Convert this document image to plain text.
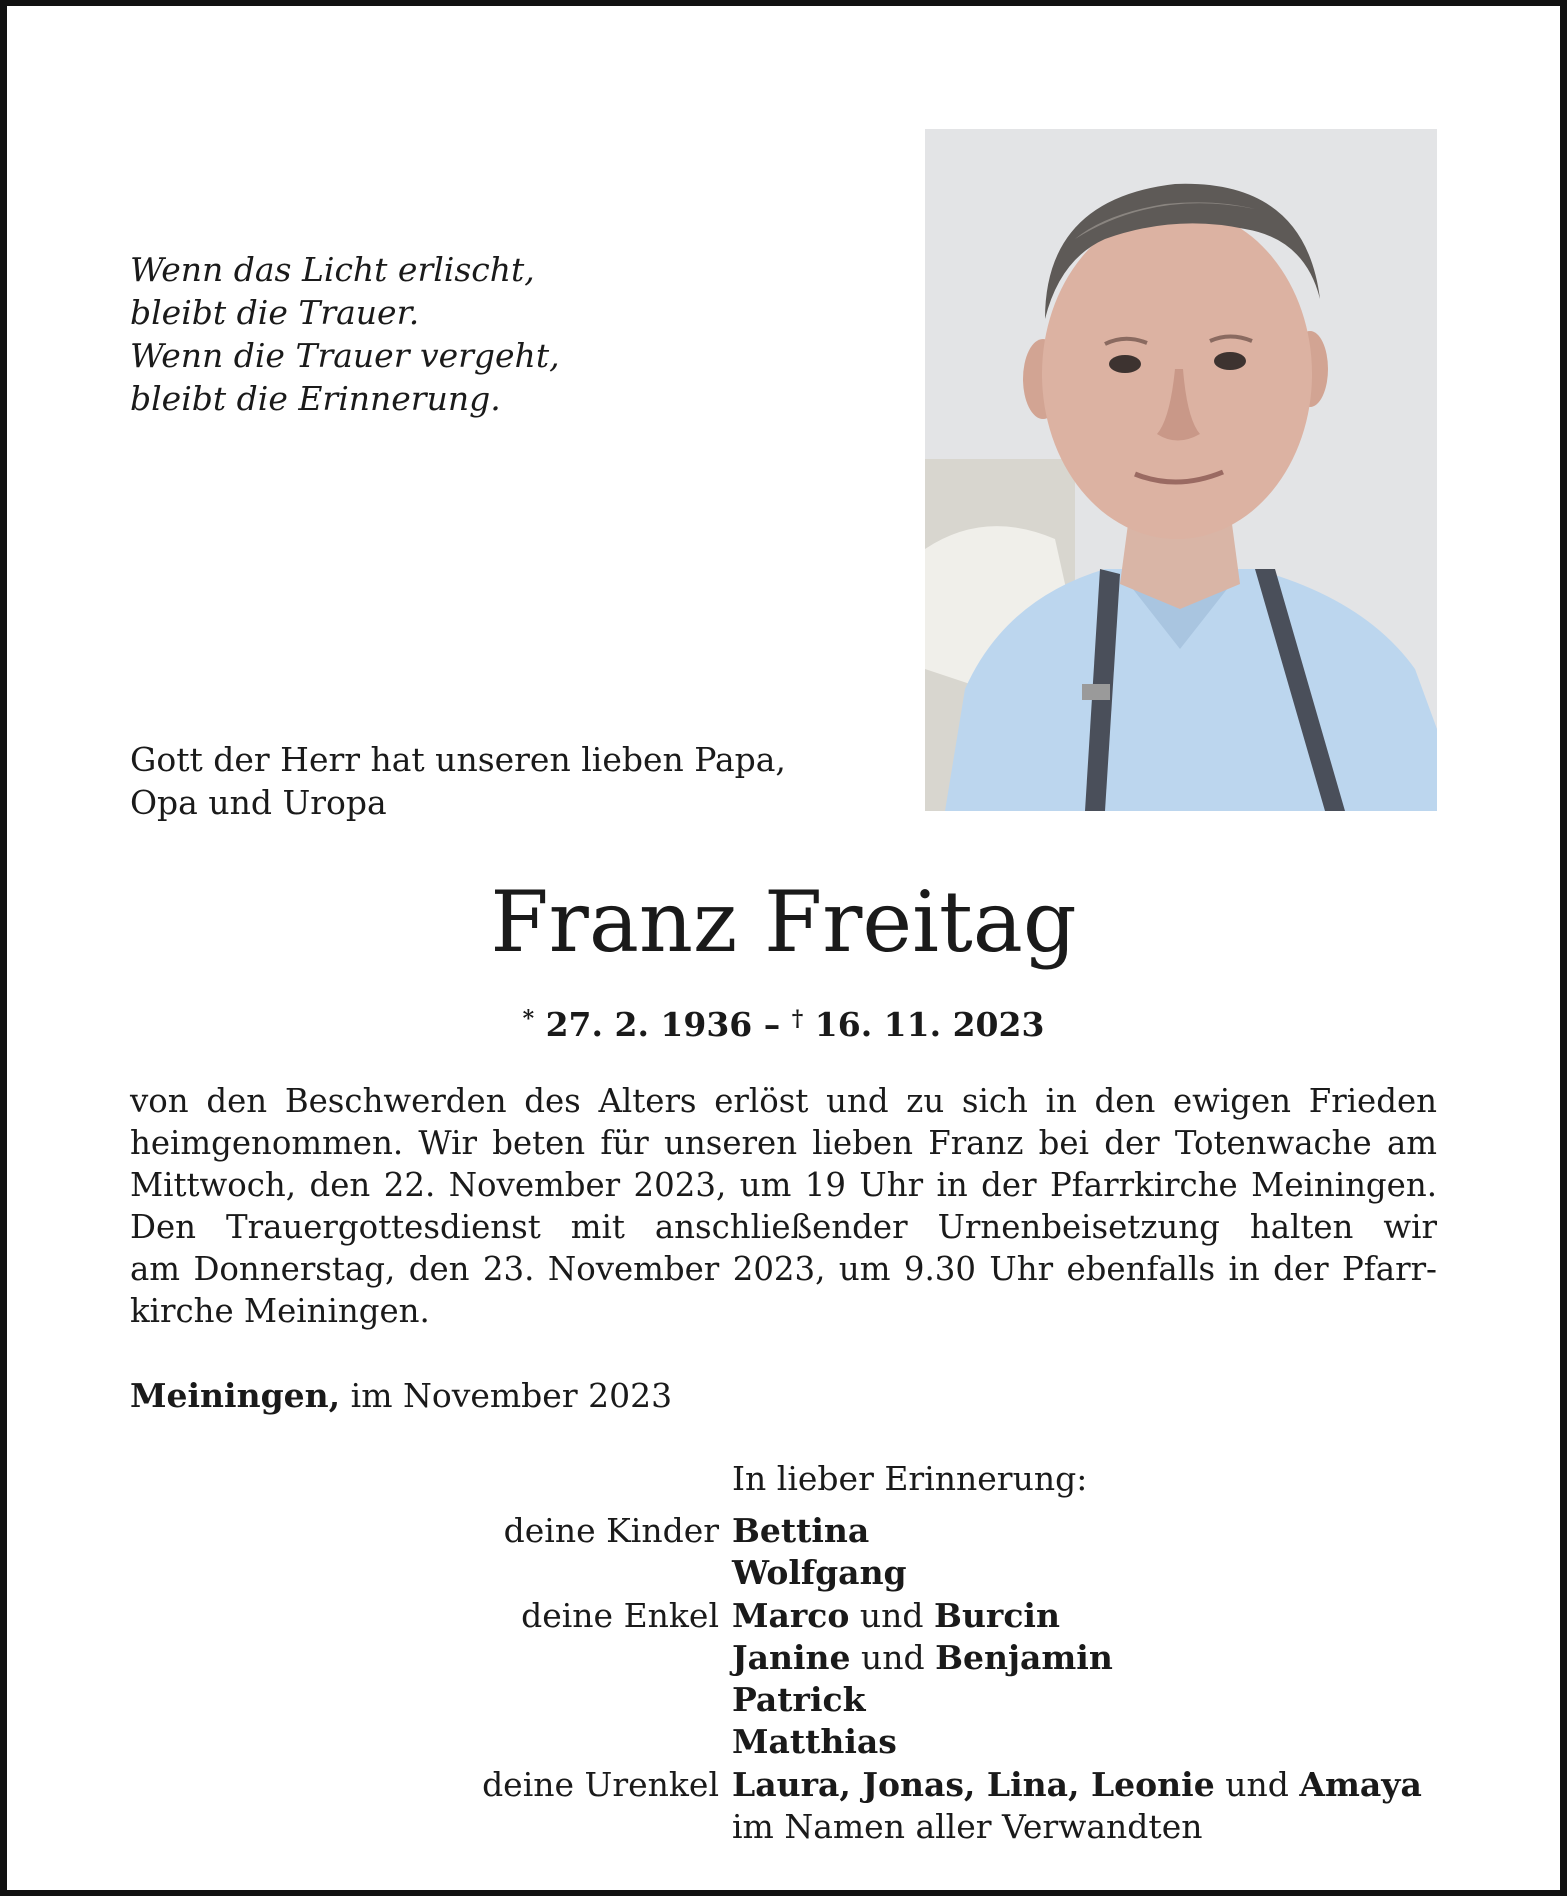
Wenn das Licht erlischt,
bleibt die Trauer.
Wenn die Trauer vergeht,
bleibt die Erinnerung.
Gott der Herr hat unseren lieben Papa,
Opa und Uropa
Franz Freitag
* 27. 2. 1936 – † 16. 11. 2023
von den Beschwerden des Alters erlöst und zu sich in den ewigen Frieden
heimgenommen. Wir beten für unseren lieben Franz bei der Totenwache am
Mittwoch, den 22. November 2023, um 19 Uhr in der Pfarrkirche Meiningen.
Den Trauergottesdienst mit anschließender Urnenbeisetzung halten wir
am Donnerstag, den 23. November 2023, um 9.30 Uhr ebenfalls in der Pfarr-
kirche Meiningen.
Meiningen, im November 2023
In lieber Erinnerung:
deine Kinder Bettina
Wolfgang
deine Enkel Marco und Burcin
Janine und Benjamin
Patrick
Matthias
deine Urenkel Laura, Jonas, Lina, Leonie und Amaya
im Namen aller Verwandten
